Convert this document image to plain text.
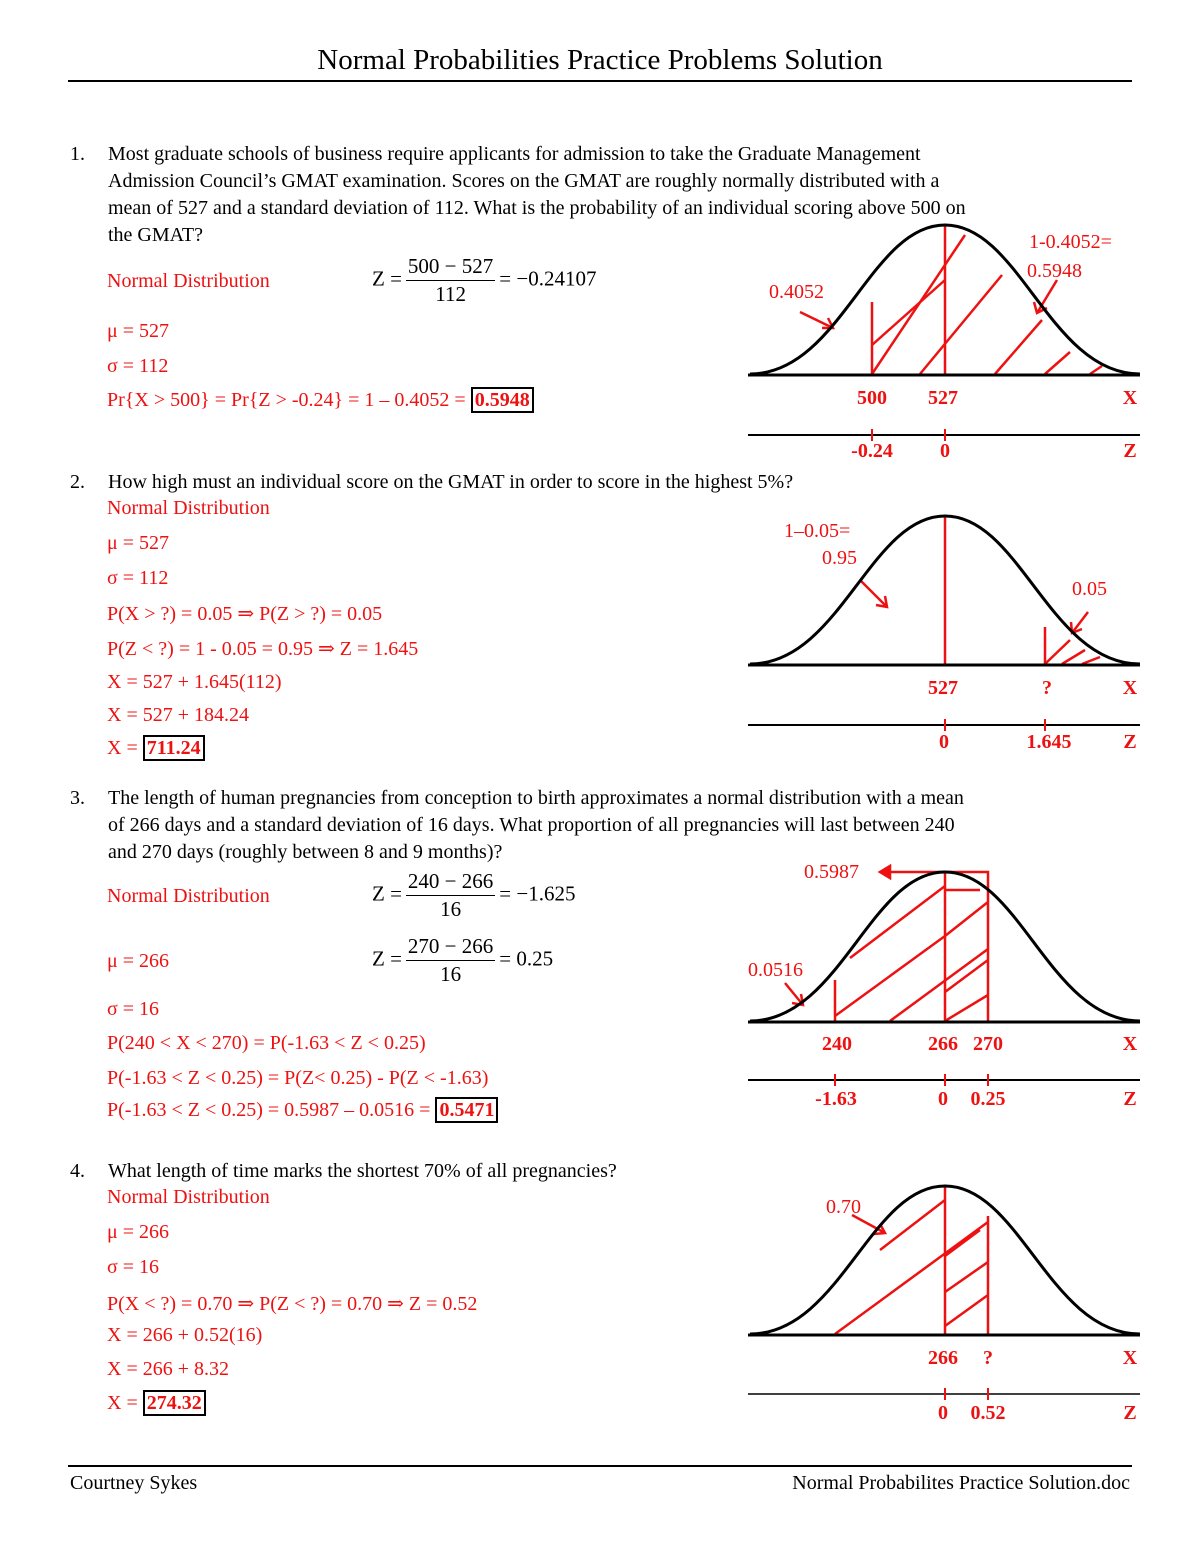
Normal Probabilities Practice Problems Solution
1. Most graduate schools of business require applicants for admission to take the Graduate Management
Admission Council’s GMAT examination. Scores on the GMAT are roughly normally distributed with a
mean of 527 and a standard deviation of 112. What is the probability of an individual scoring above 500 on
the GMAT?
Normal Distribution	$Z = \frac{500 - 527}{112} = -0.24107$
μ = 527
σ = 112
Pr{X > 500} = Pr{Z > -0.24} = 1 – 0.4052 = 0.5948
0.4052
1-0.4052=
0.5948
500 527	X
-0.24 0	Z
2. How high must an individual score on the GMAT in order to score in the highest 5%?
Normal Distribution
μ = 527
σ = 112
P(X > ?) = 0.05 ⇒ P(Z > ?) = 0.05
P(Z < ?) = 1 - 0.05 = 0.95 ⇒ Z = 1.645
X = 527 + 1.645(112)
X = 527 + 184.24
X = 711.24
1–0.05=
0.95
0.05
527	?	X
0	1.645	Z
3. The length of human pregnancies from conception to birth approximates a normal distribution with a mean
of 266 days and a standard deviation of 16 days. What proportion of all pregnancies will last between 240
and 270 days (roughly between 8 and 9 months)?
Normal Distribution	$Z = \frac{240 - 266}{16} = -1.625$
μ = 266	$Z = \frac{270 - 266}{16} = 0.25$
σ = 16
P(240 < X < 270) = P(-1.63 < Z < 0.25)
P(-1.63 < Z < 0.25) = P(Z< 0.25) - P(Z < -1.63)
P(-1.63 < Z < 0.25) = 0.5987 – 0.0516 = 0.5471
0.5987
0.0516
240	266 270	X
-1.63	0 0.25	Z
4. What length of time marks the shortest 70% of all pregnancies?
Normal Distribution
μ = 266
σ = 16
P(X < ?) = 0.70 ⇒ P(Z < ?) = 0.70 ⇒ Z = 0.52
X = 266 + 0.52(16)
X = 266 + 8.32
X = 274.32
0.70
266 ?	X
0 0.52	Z
Courtney Sykes	Normal Probabilites Practice Solution.doc
